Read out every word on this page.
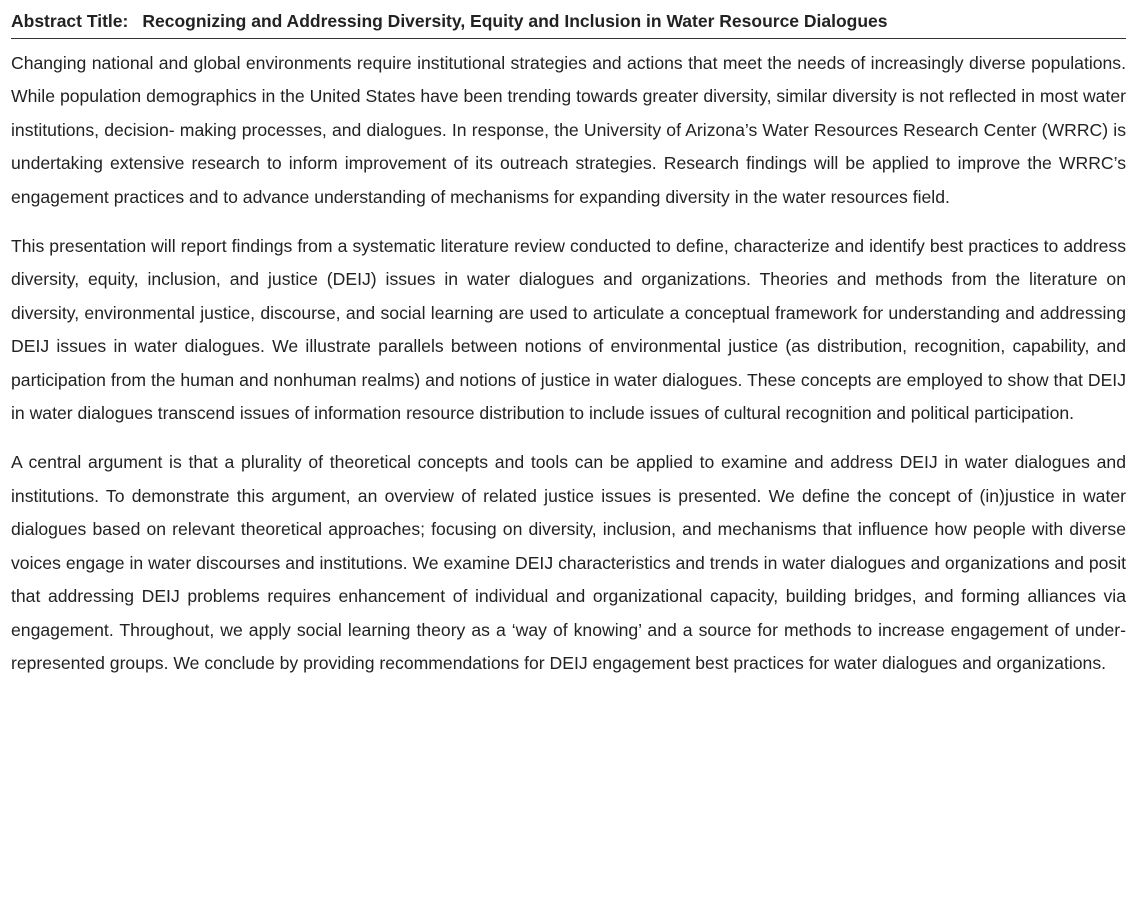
Abstract Title: Recognizing and Addressing Diversity, Equity and Inclusion in Water Resource Dialogues

Changing national and global environments require institutional strategies and actions that meet the needs of increasingly diverse populations. While population demographics in the United States have been trending towards greater diversity, similar diversity is not reflected in most water institutions, decision- making processes, and dialogues. In response, the University of Arizona’s Water Resources Research Center (WRRC) is undertaking extensive research to inform improvement of its outreach strategies. Research findings will be applied to improve the WRRC’s engagement practices and to advance understanding of mechanisms for expanding diversity in the water resources field.

This presentation will report findings from a systematic literature review conducted to define, characterize and identify best practices to address diversity, equity, inclusion, and justice (DEIJ) issues in water dialogues and organizations. Theories and methods from the literature on diversity, environmental justice, discourse, and social learning are used to articulate a conceptual framework for understanding and addressing DEIJ issues in water dialogues. We illustrate parallels between notions of environmental justice (as distribution, recognition, capability, and participation from the human and nonhuman realms) and notions of justice in water dialogues. These concepts are employed to show that DEIJ in water dialogues transcend issues of information resource distribution to include issues of cultural recognition and political participation.

A central argument is that a plurality of theoretical concepts and tools can be applied to examine and address DEIJ in water dialogues and institutions. To demonstrate this argument, an overview of related justice issues is presented. We define the concept of (in)justice in water dialogues based on relevant theoretical approaches; focusing on diversity, inclusion, and mechanisms that influence how people with diverse voices engage in water discourses and institutions. We examine DEIJ characteristics and trends in water dialogues and organizations and posit that addressing DEIJ problems requires enhancement of individual and organizational capacity, building bridges, and forming alliances via engagement. Throughout, we apply social learning theory as a ‘way of knowing’ and a source for methods to increase engagement of under-represented groups. We conclude by providing recommendations for DEIJ engagement best practices for water dialogues and organizations.
